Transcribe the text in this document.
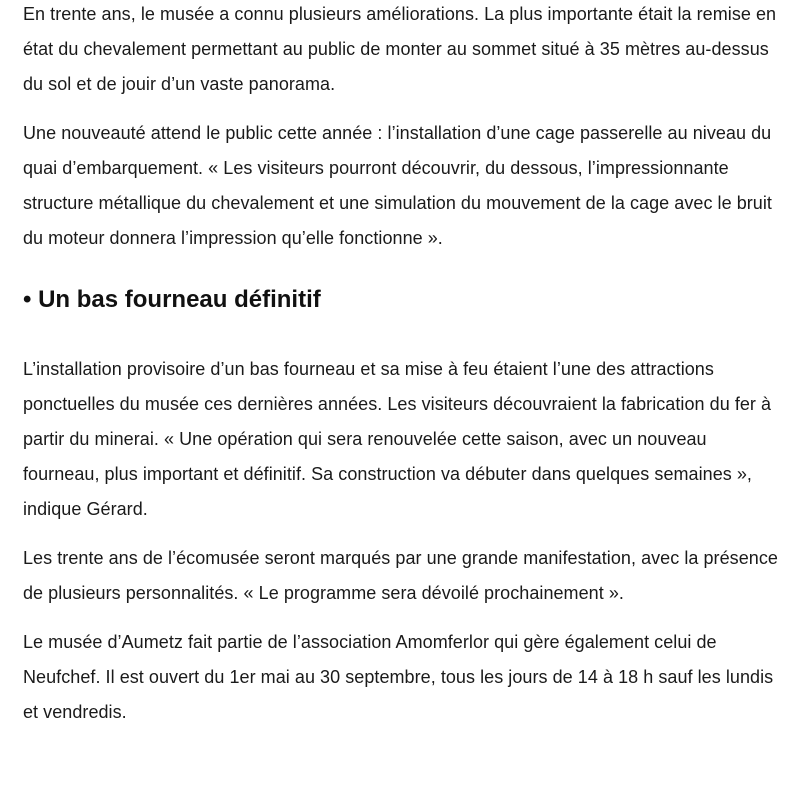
En trente ans, le musée a connu plusieurs améliorations. La plus importante était la remise en état du chevalement permettant au public de monter au sommet situé à 35 mètres au-dessus du sol et de jouir d’un vaste panorama.

Une nouveauté attend le public cette année : l’installation d’une cage passerelle au niveau du quai d’embarquement. « Les visiteurs pourront découvrir, du dessous, l’impressionnante structure métallique du chevalement et une simulation du mouvement de la cage avec le bruit du moteur donnera l’impression qu’elle fonctionne ».

• Un bas fourneau définitif

L’installation provisoire d’un bas fourneau et sa mise à feu étaient l’une des attractions ponctuelles du musée ces dernières années. Les visiteurs découvraient la fabrication du fer à partir du minerai. « Une opération qui sera renouvelée cette saison, avec un nouveau fourneau, plus important et définitif. Sa construction va débuter dans quelques semaines », indique Gérard.

Les trente ans de l’écomusée seront marqués par une grande manifestation, avec la présence de plusieurs personnalités. « Le programme sera dévoilé prochainement ».

Le musée d’Aumetz fait partie de l’association Amomferlor qui gère également celui de Neufchef. Il est ouvert du 1er mai au 30 septembre, tous les jours de 14 à 18 h sauf les lundis et vendredis.
